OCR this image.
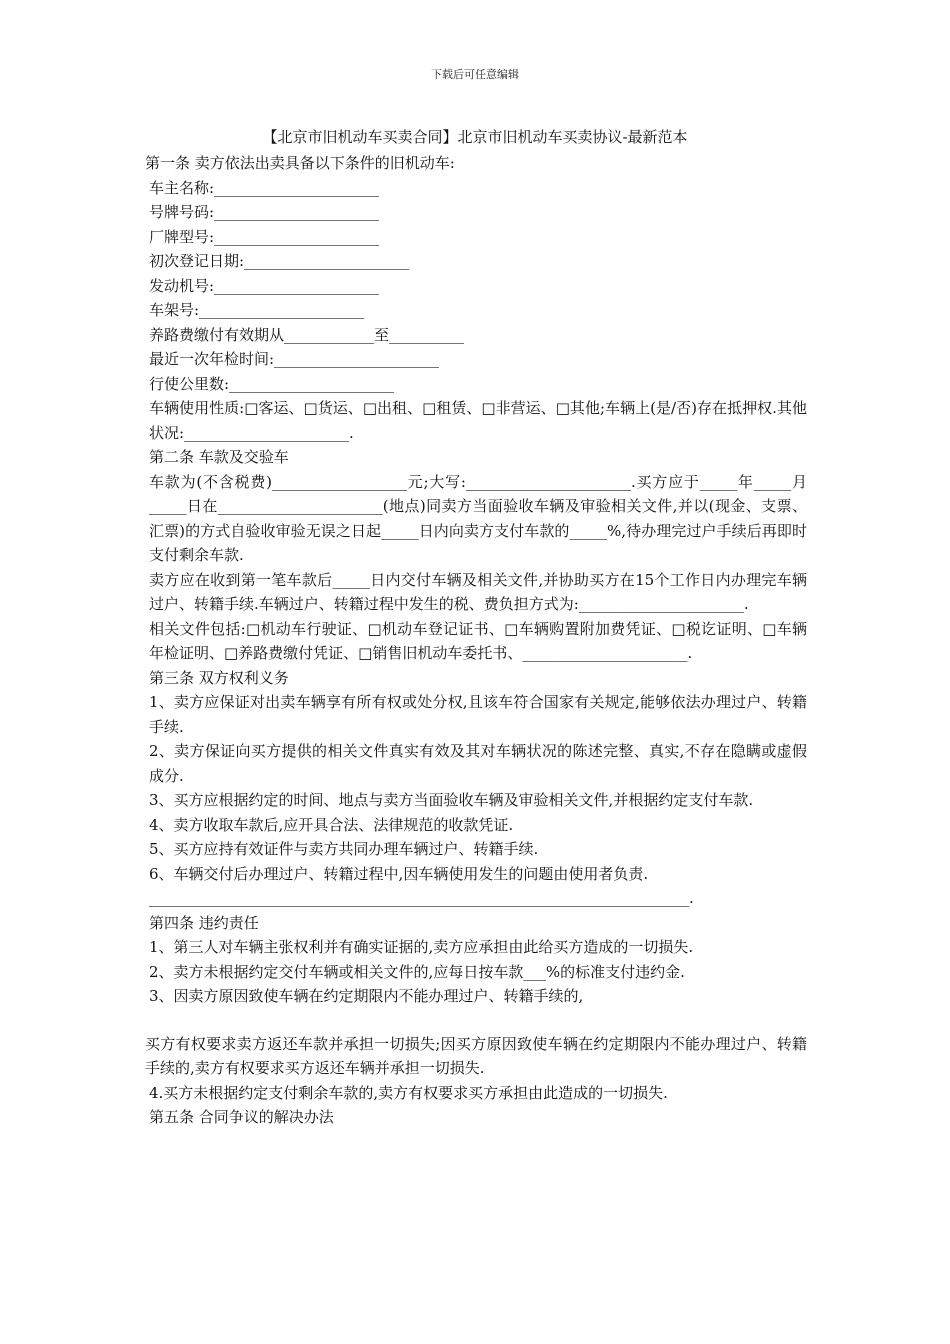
下载后可任意编辑
【北京市旧机动车买卖合同】北京市旧机动车买卖协议-最新范本

第一条 卖方依法出卖具备以下条件的旧机动车:

车主名称:______________________

号牌号码:______________________

厂牌型号:______________________

初次登记日期:______________________

发动机号:______________________

车架号:______________________

养路费缴付有效期从____________至__________

最近一次年检时间:______________________

行使公里数:______________________

车辆使用性质:□客运、□货运、□出租、□租赁、□非营运、□其他;车辆上(是/否)存在抵押权.其他状况:______________________.

第二条 车款及交验车

车款为(不含税费)__________________元;大写:______________________.买方应于_____年_____月_____日在______________________(地点)同卖方当面验收车辆及审验相关文件,并以(现金、支票、汇票)的方式自验收审验无误之日起_____日内向卖方支付车款的_____%,待办理完过户手续后再即时支付剩余车款.

卖方应在收到第一笔车款后_____日内交付车辆及相关文件,并协助买方在15个工作日内办理完车辆过户、转籍手续.车辆过户、转籍过程中发生的税、费负担方式为:______________________.

相关文件包括:□机动车行驶证、□机动车登记证书、□车辆购置附加费凭证、□税讫证明、□车辆年检证明、□养路费缴付凭证、□销售旧机动车委托书、______________________.

第三条 双方权利义务

1、卖方应保证对出卖车辆享有所有权或处分权,且该车符合国家有关规定,能够依法办理过户、转籍手续.

2、卖方保证向买方提供的相关文件真实有效及其对车辆状况的陈述完整、真实,不存在隐瞒或虚假成分.

3、买方应根据约定的时间、地点与卖方当面验收车辆及审验相关文件,并根据约定支付车款.

4、卖方收取车款后,应开具合法、法律规范的收款凭证.

5、买方应持有效证件与卖方共同办理车辆过户、转籍手续.

6、车辆交付后办理过户、转籍过程中,因车辆使用发生的问题由使用者负责.

________________________________________________________________________.

第四条 违约责任

1、第三人对车辆主张权利并有确实证据的,卖方应承担由此给买方造成的一切损失.

2、卖方未根据约定交付车辆或相关文件的,应每日按车款___%的标准支付违约金.

3、因卖方原因致使车辆在约定期限内不能办理过户、转籍手续的,

买方有权要求卖方返还车款并承担一切损失;因买方原因致使车辆在约定期限内不能办理过户、转籍手续的,卖方有权要求买方返还车辆并承担一切损失.

4.买方未根据约定支付剩余车款的,卖方有权要求买方承担由此造成的一切损失.

第五条 合同争议的解决办法
